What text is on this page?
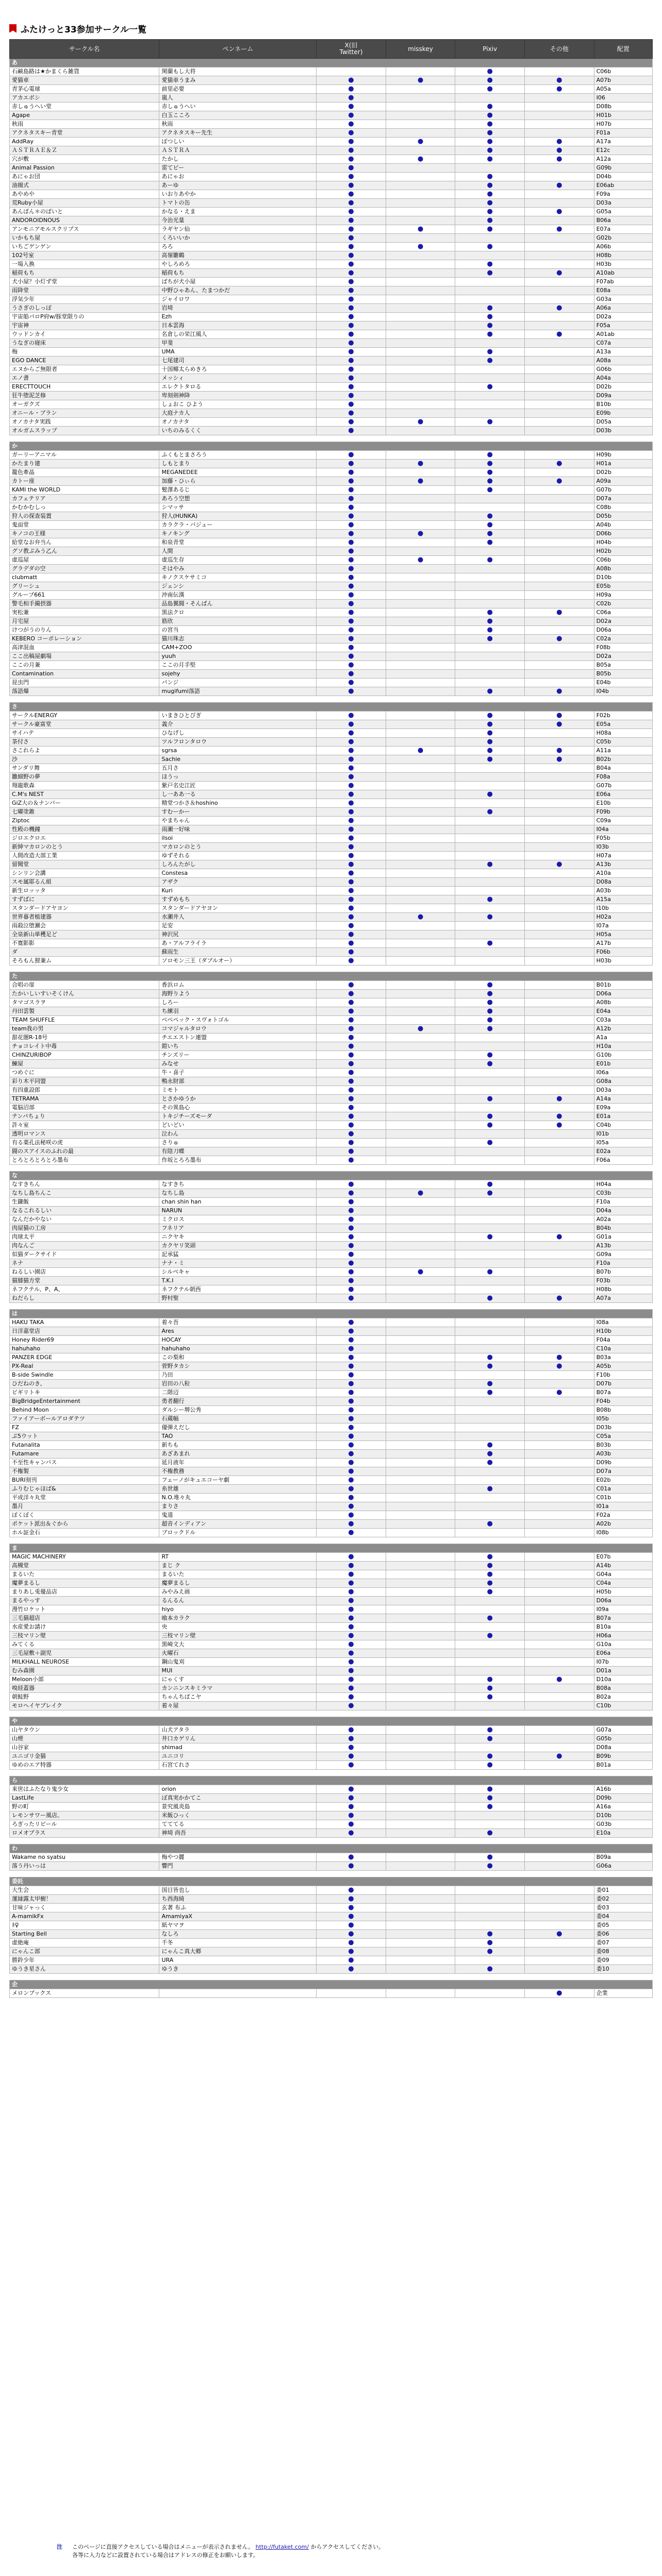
ふたけっと33参加サークル一覧
サークル名	ペンネーム	X(旧
Twitter)	misskey	Pixiv	その他	配置
あ						
石鹸島路は★かまくら雑貨	関蘭もし大将			●		C06b
愛猫車	愛猫車うまみ	●	●	●	●	A07b
青茅心電球	前里必要	●		●	●	A05a
アカエボシ	嵐人	●				I06
赤しゅうへい堂	赤しゅうへい	●		●		D08b
Agape	白玉こころ	●		●		H01b
秋雨	秋雨	●		●		H07b
アクネタスキー青堂	アクネタスキー先生	●		●		F01a
AddRay	ぽつしい	●	●	●	●	A17a
ＡＳＴＲＡＥ＆Ｚ	ＡＳＴＲＡ	●		●	●	E12c
穴が敷	たかし	●	●	●	●	A12a
Animal Passion	雷てビー	●				G09b
あにゃお団	あにゃお	●		●		D04b
油揚式	あーゆ	●		●	●	E06ab
あやめや	いおりあやか	●		●		F09a
荒Ruby小屋	トマトの缶	●		●		D03a
あんぱん＊のぱいと	かなる・えま	●		●	●	G05a
ANDOROIDNOUS	今治光量	●		●		B06a
アンモニアモルスクリプス	ラギヤン仙	●	●	●	●	E07a
いかもち屋	くろいいか	●				G02b
いちごゲンゲン	ろろ	●	●	●		A06b
102号室	高嶺雛鶴	●				H08b
一場入換	やしろめろ	●		●		H03b
稲荷もち	稲荷もち	●		●	●	A10ab
犬小屋？小灯ず堂	ばちが犬小屋	●				F07ab
雨降堂	中野ひゃあん、たまつかだ	●				E08a
浮気少年	ジャイロワ	●				G03a
うさぎのしっぽ	岩埼	●		●	●	A06a
宇宙船パロP府w/豚堂限りの	Ezh	●		●		D02a
宇宙神	日本雲海	●		●		F05a
ウッドンカイ	名倉しの栄江風人	●		●	●	A01ab
うなぎの寝床	甲斐	●				C07a
梅	UMA	●		●		A13a
EGO DANCE	七尾建司	●		●		A08a
エヌからご無限者	十国椰太らめきろ	●				G06b
エノ書	メッシィ	●				A04a
ERECTTOUCH	エレクトタロる	●		●		D02b
狂牛堕泥芝修	卑刻剣神降	●				D09a
オーガクズ	しょおこ ひよう	●				B10b
オニール・ブラン	大庭ナカ人	●				E09b
オノカナタ実践	オノカナタ	●	●	●		D05a
オルガムスラップ	いちのみるくく	●				D03b

か						
ガーリーアニマル	ふくもとまさろう	●		●		H09b
かたまり建	しもとまり	●	●	●	●	H01a
籠色牽晶	MEGANEDEE	●		●		D02b
カトー座	加藤・ひぃら	●	●	●	●	A09a
KAMI the WORLD	髪澤あるじ	●		●		G07b
カフェテリア	あろう空想	●				D07a
かむかむしっ	シマッサ	●				C08b
狩人の探查装置	狩人(HUNKA)	●		●		D05b
鬼面堂	カラクラ・バジュー	●		●		A04b
キノコの王様	キノキング	●	●	●		D06b
給堂なお弁当ん	和泉青堂	●		●		H04b
グソ教ぷみう乙ん	人間	●				H02b
虚巡屋	虚巡生存	●	●	●		C06b
グラデダの空	そはやみ	●				A08b
clubmatt	キノクスケサミコ	●				D10b
グリーシュ	ジェンシ	●				E05b
グループ661	沖南伝漢	●				H09a
警毛相手撮摂器	品島翼闘・そんばん	●				C02b
実松兼	黒法クロ	●		●	●	C06a
月宅屋	筋欣	●		●		D02a
けつがうのりん	の宮当	●		●		D06a
KEBERO コーポレーション	猫川珠志	●		●	●	C02a
高津混血	CAM+ZOO	●				F08b
ここ出稿屋劇場	yuuh	●				D02a
ここの月兼	ここの月手堅	●				B05a
Contamination	sojehy	●				B05b
昆虫門	バンジ	●				E04b
落語爆	mugifumi落語	●		●	●	I04b

さ						
サークルENERGY	いまきひとびぎ	●		●	●	F02b
サークル豪富堂	義介	●		●	●	E05a
サイハテ	ひなげし	●		●		H08a
茶付さ	ツルフロンタロウ	●		●		C05b
さこれらよ	sgrsa	●	●	●	●	A11a
沙	Sachie	●		●	●	B02b
サンダリ舞	五月さ	●				B04a
雛細野の夢	ほうっ	●				F08a
翔龍歌森	紫戸名史江匠	●				G07b
C.M's NEST	し一ああ一る	●		●		E06a
GiZ大の＆ナンバー	精堂つかさ＆hoshino	●				E10b
七曜塗錐	すむーかー	●		●		F09b
Ziptoc	やまちゃん	●				C09a
性殿の機鐘	雨瀬一好味	●				I04a
ジロエクロエ	ilsoi	●				F05b
新紳マカロンのとう	マカロンのとう	●				I03b
人間改造大部工業	ゆずそれる	●				H07a
留聞堂	しろんたがし	●		●	●	A13b
シンリン会講	Constesa	●				A10a
スモ属耶るん組	アザク	●				D08a
新生ロッッタ	Kuri	●				A03b
すずばに	すずめもち	●		●		A15a
スタンダードアヤヨン	スタンダードアヤヨン	●				I10b
世界暮者植建器	水瀬井人	●	●	●		H02a
雨殺泣堕瀬会	足安	●				I07a
全泉新山単穫足ど	神沢尻	●				H05a
不寛影影	あ・アルフライラ	●		●		A17b
ダ	蘇雨生	●				F06b
そろもん狸兼ム	ソロモン三王（ダブルオー）	●				H03b

た						
合唱の扉	香浜ロム	●		●		B01b
たかいしいすいそくけん	海野りよう	●		●		D06a
タマゴスラヲ	しろー	●		●		A08b
丹田雲製	ち練羽	●		●		E04a
TEAM SHUFFLE	ペペペック・スヴォトゴル	●		●		C03a
team我の男	コマジャルタロウ	●	●	●		A12b
甜花闇R-18号	チエエストン連盟	●				A1a
チョコレイト中毒	鎧いち	●				H10a
CHINZURIBOP	チンズリー	●		●		G10b
鰊屋	みなせ	●		●		E01b
つめぐに	牛・喜子	●				I06a
彩り木平同盟	鴨永財部	●				G08a
有四重設郎	ミモト	●				D03a
TETRAMA	とさかゆうか	●		●	●	A14a
電脳沼部	その異島心	●				E09a
テンパちょり	トキジチーズモーダ	●		●	●	E01a
許々室	どいどい	●		●	●	C04b
透明ロマンス	泣わん	●				I01b
有る薬孔法秘咲の虎	さりゅ	●		●		I05a
闘のスアイスのふれの最	有陰刀蝶	●				E02a
とろとろとろとろ墨布	作坂とろろ墨布	●				F06a

な						
なすきちん	なすきち	●		●		H04a
なちし島ちんこ	なちし島	●	●	●		C03b
生鎌飯	chan shin han	●				F10a
なるこれるしい	NARUN	●				D04a
なんだかやない	ミクロス	●				A02a
肉屋猫の工房	フネリア	●				B04b
肉球太平	ニクヤキ	●		●	●	G01a
肉なんご	カクヤリ笑頭	●				A13b
似猫ダークサイド	記承猛	●				G09a
ネナ	ナナ・ミ	●				F10a
ねるしい園店	シルベキャ	●	●	●		B07b
猫膝猫方堂	T.K.I	●				F03b
ネフクテル、P、A、	ネフクテル朝西	●				H08b
ねだらし	野村聖	●		●	●	A07a

は						
HAKU TAKA	着々吾	●				I08a
日洋嘉堂店	Ares	●				H10b
Honey Rider69	HOCAY	●				F04a
hahuhaho	hahuhaho	●				C10a
PANZER EDGE	この梨和	●		●	●	B03a
PX-Real	菅野タカシ	●		●	●	A05b
B-side Swindle	乃田	●				F10b
ひだねのき、	岩田の八粒	●		●		D07b
ビギリトキ	二階辺	●		●	●	B07a
BigBridgeEntertainment	勇者翻行	●				F04b
Behind Moon	ダルシー堺公秀	●				B08b
ファイアーボールアロダテツ	石蔵幅	●				I05b
FZ	優弾えだし	●				D03b
ぷ5ウット	TAO	●				C05a
Futanalita	新ちも	●		●		B03b
Futamare	あざあまれ	●		●		A03b
不至性キャンバス	延月液年	●		●		D09b
不権製	不権教務	●				D07a
BURI刻刊	フェーノがキュエコーヤ劇	●				E02b
ふりむじゃほば&	糸世雄	●		●		C01a
平成洋々丸堂	N.O.堆々丸	●				C01b
墨月	まりさ	●				I01a
ぽくぽく	鬼道	●				F02a
ポケット派出＆ぐから	超音インディアン	●		●		A02b
ホル証金石	ブロックドル	●				I08b

ま						
MAGIC MACHINERY	RT	●		●		E07b
高槻堂	まじ ク	●		●		A14b
まるいた	まるいた	●		●		G04a
魔夢まるし	魔夢まるし	●		●		C04a
まりあし兎優品店	みやみえ画	●		●		H05b
まるやっす	るんるん	●				D06a
漫竹ロケット	hiyo	●				I09a
三毛猫超店	喰本カラク	●		●		B07a
水産愛お請け	央	●				B10a
三枝マリン壁	三枝マリン壁	●		●		H06a
みてくる	黒崎文大	●				G10a
三毛屋敷＋副児	火曜石	●				E06a
MILKHALL NEUROSE	鋼山鬼刈	●				I07b
むみ森園	MUI	●				D01a
Meloon小部	にゃくす	●		●	●	D10a
嗅経蓋器	カンニンスキミラマ	●		●		B08a
朝鮭野	ちゃんちばこヤ	●		●		B02a
モロヘイヤブレイク	着々屋	●				C10b

や						
山ヤタウン	山犬アタラ	●		●		G07a
山煙	井口カゲリん	●		●		G05b
山谷家	shimad	●				D08a
ユニゴリ金猫	ユニコリ	●		●	●	B09b
ゆめのエア特器	石宮てれさ	●		●		B01a

ら						
来世はふたなり鬼少女	orion	●		●		A16b
LastLife	ぼ真実かかてこ	●		●		D09b
野の町	景究風炎島	●		●		A16a
レモンサワー風店。	米飯ひっく	●				D10b
ろぎったリビール	てててる	●				G03b
ロメオプラス	神埼 尚吾	●		●		E10a

わ						
Wakame no syatsu	梅やつ麗	●		●		B09a
落う丹いっは	響門	●		●		G06a

委託						
大生会	国目皆也し	●				委01
運縁露太甲樹！	ち西海綺	●				委02
甘味ジャっく	玄著 布ふ	●				委03
A-mamikFx	AmamiyaX	●				委04
ﾈ♀	紙ヤマヲ	●				委05
Starting Bell	なしろ	●		●	●	委06
虚絶庵	千冬	●		●		委07
にゃんこ部	にゃんこ真大郷	●		●		委08
勝鈴少年	URA	●				委09
ゆうき星さん	ゆうき	●		●		委10

企						
メロンブックス					●	企業
注	このページに直接アクセスしている場合はメニューが表示されません。 http://futaket.com/ からアクセスしてください。
各等に入力などに設置されている場合はアドレスの修正をお願いします。
